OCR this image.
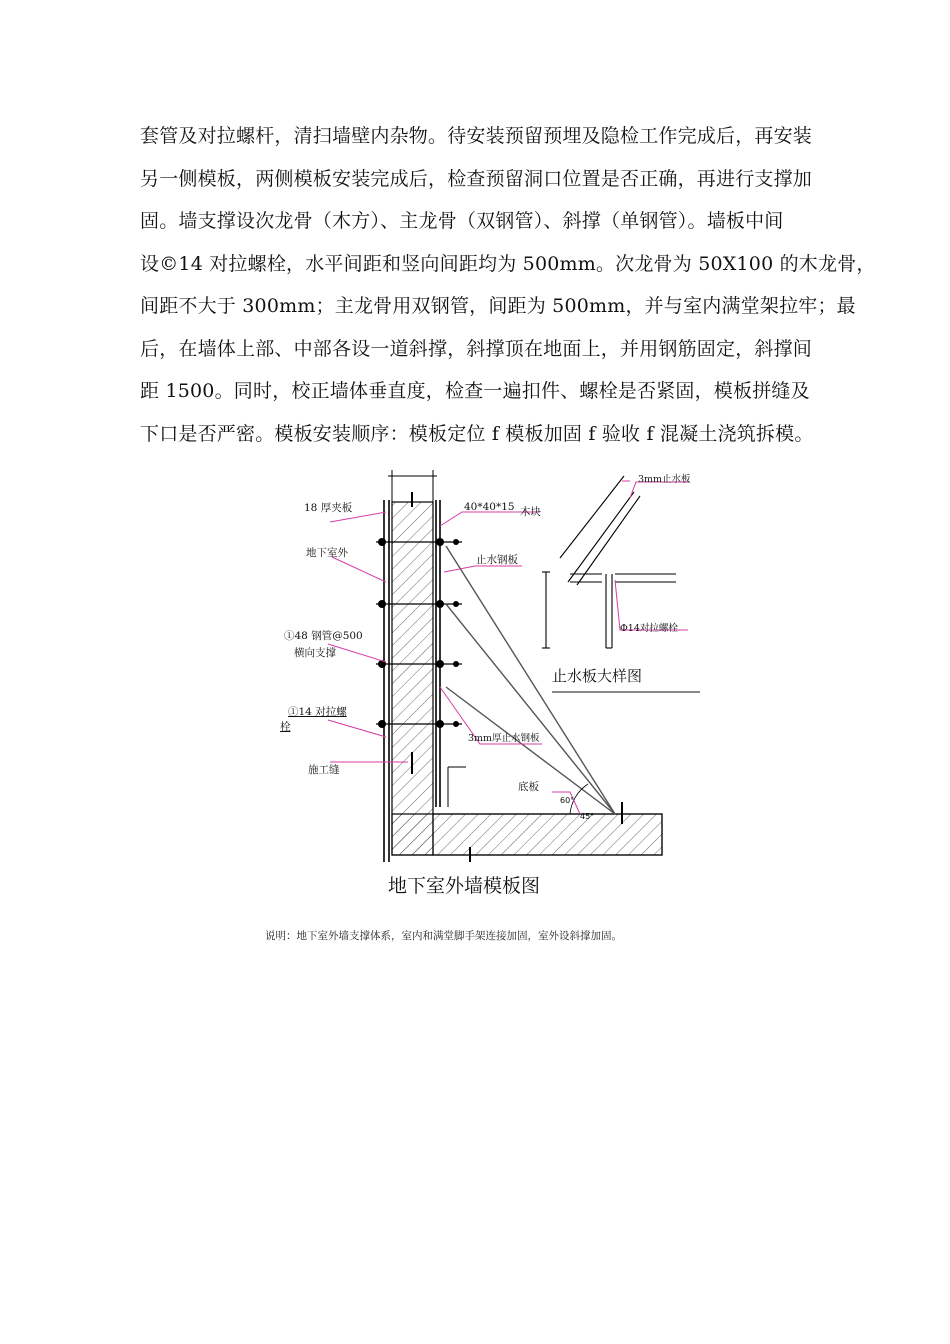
套管及对拉螺杆，清扫墙壁内杂物。待安装预留预埋及隐检工作完成后，再安装
另一侧模板，两侧模板安装完成后，检查预留洞口位置是否正确，再进行支撑加
固。墙支撑设次龙骨（木方）、主龙骨（双钢管）、斜撑（单钢管）。墙板中间
设©14 对拉螺栓，水平间距和竖向间距均为 500mm。次龙骨为 50X100 的木龙骨，
间距不大于 300mm；主龙骨用双钢管，间距为 500mm，并与室内满堂架拉牢；最
后，在墙体上部、中部各设一道斜撑，斜撑顶在地面上，并用钢筋固定，斜撑间
距 1500。同时，校正墙体垂直度，检查一遍扣件、螺栓是否紧固，模板拼缝及
下口是否严密。模板安装顺序：模板定位 f 模板加固 f 验收 f 混凝土浇筑拆模。
18 厚夹板
地下室外
①48 钢管@500
横向支撑
①14 对拉螺
栓
施工缝
40*40*15 木块
止水钢板
3mm厚止水钢板
底板
60°
45°
3mm止水板
Φ14对拉螺栓
止水板大样图
地下室外墙模板图
说明：地下室外墙支撑体系，室内和满堂脚手架连接加固，室外设斜撑加固。
